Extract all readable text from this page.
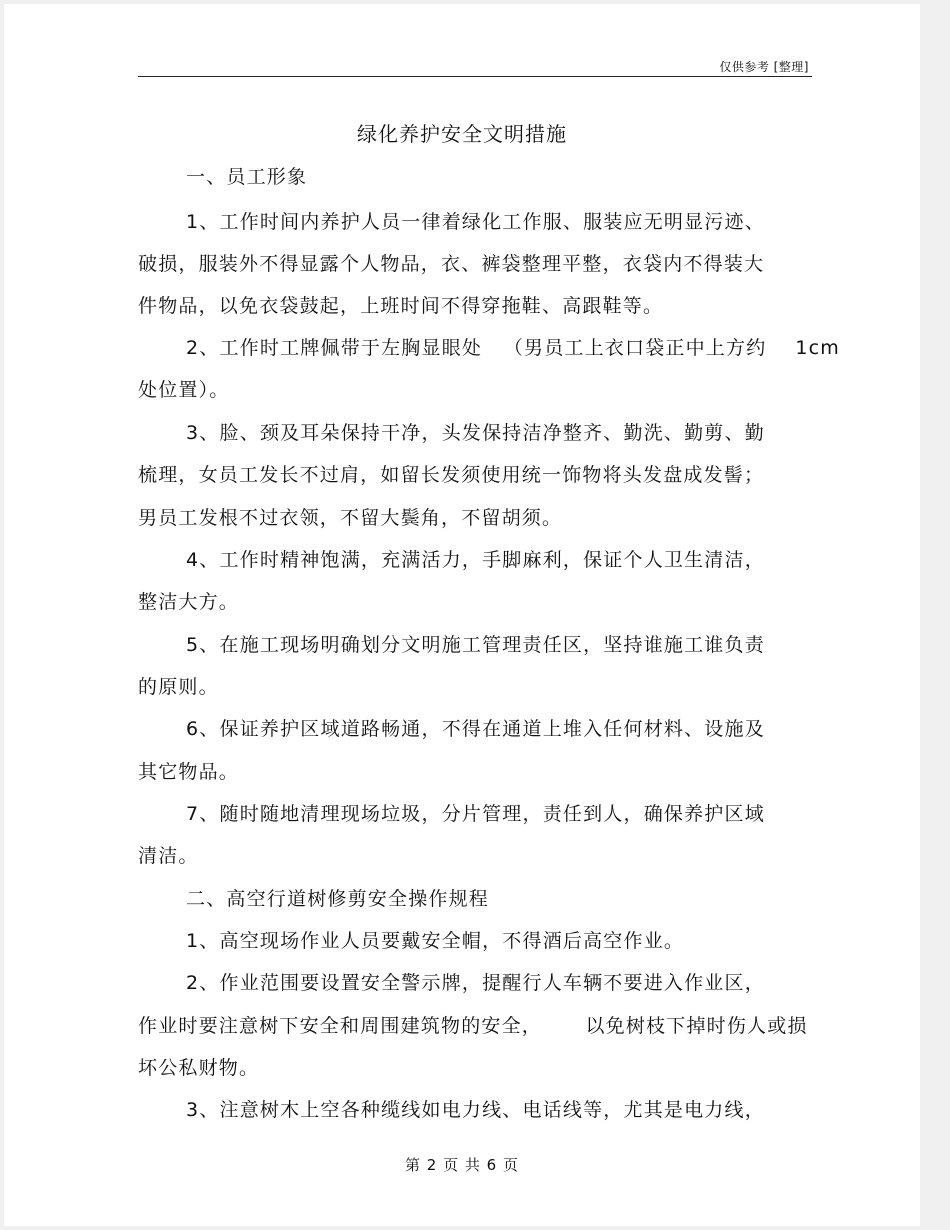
仅供参考 [整理]
绿化养护安全文明措施
一、员工形象
1、工作时间内养护人员一律着绿化工作服、服装应无明显污迹、
破损，服装外不得显露个人物品，衣、裤袋整理平整，衣袋内不得装大
件物品，以免衣袋鼓起，上班时间不得穿拖鞋、高跟鞋等。
2、工作时工牌佩带于左胸显眼处   （男员工上衣口袋正中上方约    1cm
处位置）。
3、脸、颈及耳朵保持干净，头发保持洁净整齐、勤洗、勤剪、勤
梳理，女员工发长不过肩，如留长发须使用统一饰物将头发盘成发髻；
男员工发根不过衣领，不留大鬓角，不留胡须。
4、工作时精神饱满，充满活力，手脚麻利，保证个人卫生清洁，
整洁大方。
5、在施工现场明确划分文明施工管理责任区，坚持谁施工谁负责
的原则。
6、保证养护区域道路畅通，不得在通道上堆入任何材料、设施及
其它物品。
7、随时随地清理现场垃圾，分片管理，责任到人，确保养护区域
清洁。
二、高空行道树修剪安全操作规程
1、高空现场作业人员要戴安全帽，不得酒后高空作业。
2、作业范围要设置安全警示牌，提醒行人车辆不要进入作业区，
作业时要注意树下安全和周围建筑物的安全，      以免树枝下掉时伤人或损
坏公私财物。
3、注意树木上空各种缆线如电力线、电话线等，尤其是电力线，
第 2 页 共 6 页
